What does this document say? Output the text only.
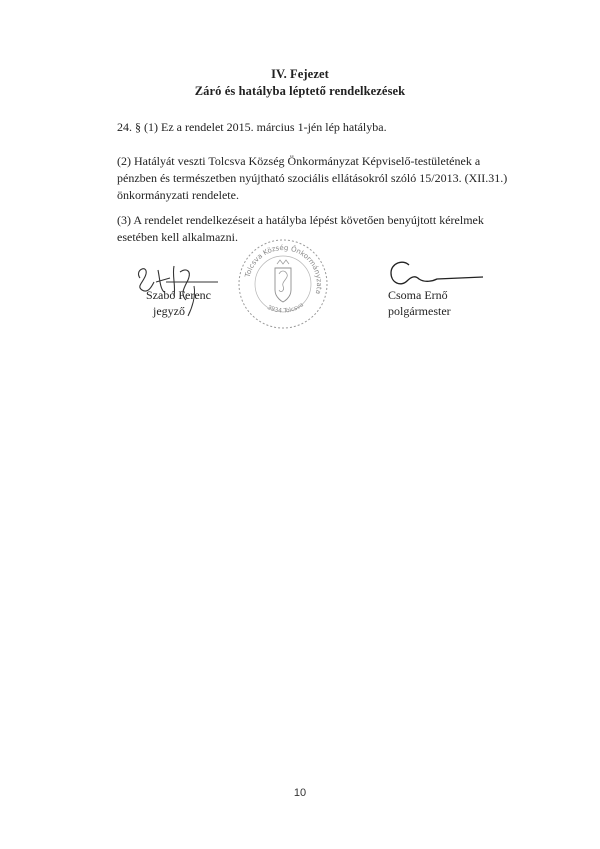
IV. Fejezet
Záró és hatályba léptető rendelkezések
24. § (1) Ez a rendelet 2015. március 1-jén lép hatályba.
(2) Hatályát veszti Tolcsva Község Önkormányzat Képviselő-testületének a pénzben és természetben nyújtható szociális ellátásokról szóló 15/2013. (XII.31.) önkormányzati rendelete.
(3) A rendelet rendelkezéseit a hatályba lépést követően benyújtott kérelmek esetében kell alkalmazni.
Tolcsva Község Önkormányzata
3934 Tolcsva
Szabó Ferenc
jegyző
Csoma Ernő
polgármester
10
